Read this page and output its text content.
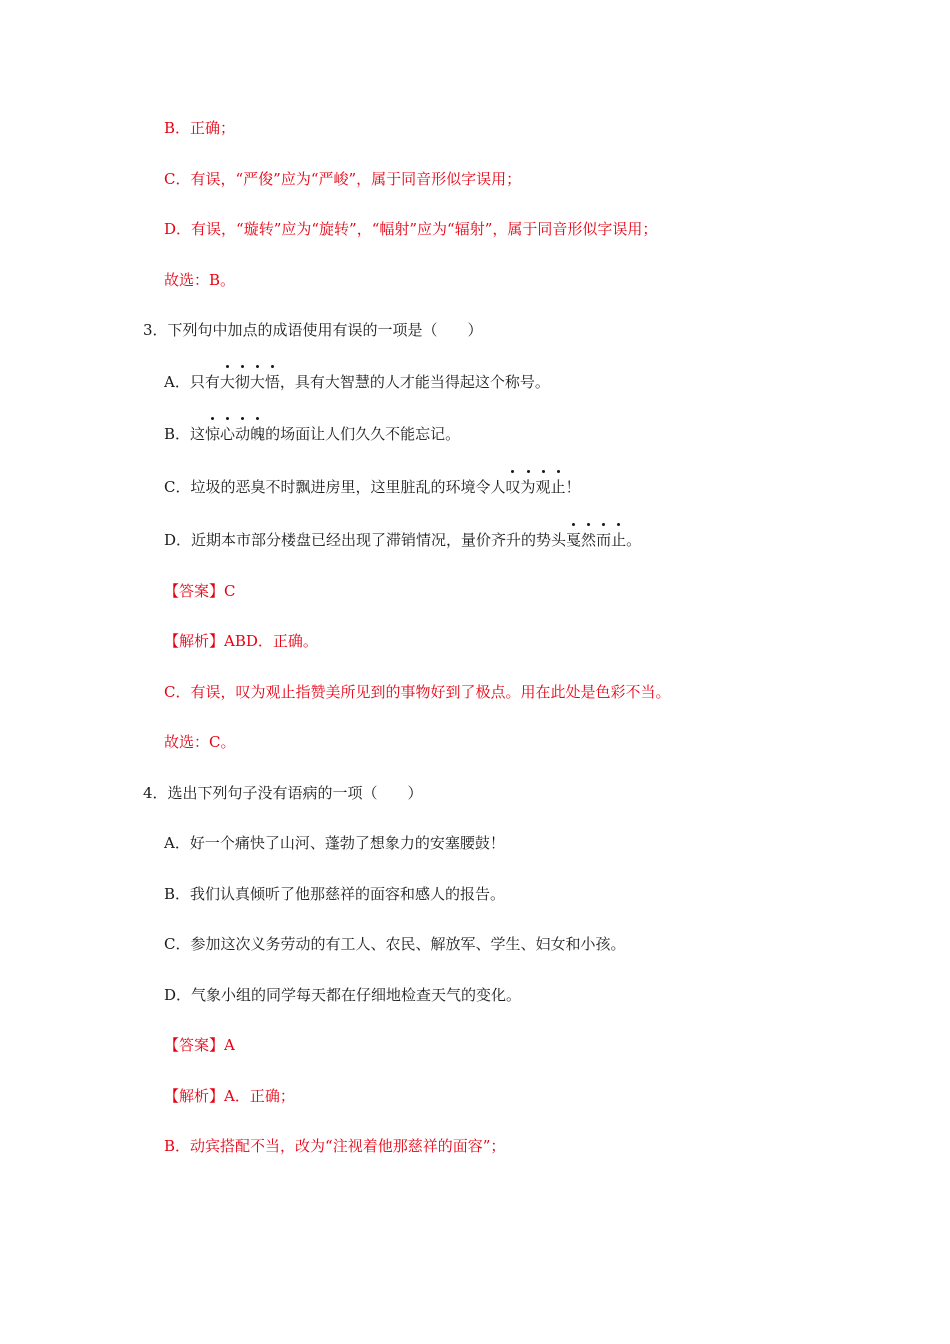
B．正确；
C．有误，“严俊”应为“严峻”，属于同音形似字误用；
D．有误，“璇转”应为“旋转”，“幅射”应为“辐射”，属于同音形似字误用；
故选：B。
3．下列句中加点的成语使用有误的一项是（　　）
A．只有大彻大悟，具有大智慧的人才能当得起这个称号。
B．这惊心动魄的场面让人们久久不能忘记。
C．垃圾的恶臭不时飘进房里，这里脏乱的环境令人叹为观止！
D．近期本市部分楼盘已经出现了滞销情况，量价齐升的势头戛然而止。
【答案】C
【解析】ABD．正确。
C．有误，叹为观止指赞美所见到的事物好到了极点。用在此处是色彩不当。
故选：C。
4．选出下列句子没有语病的一项（　　）
A．好一个痛快了山河、蓬勃了想象力的安塞腰鼓！
B．我们认真倾听了他那慈祥的面容和感人的报告。
C．参加这次义务劳动的有工人、农民、解放军、学生、妇女和小孩。
D．气象小组的同学每天都在仔细地检查天气的变化。
【答案】A
【解析】A．正确；
B．动宾搭配不当，改为“注视着他那慈祥的面容”；
